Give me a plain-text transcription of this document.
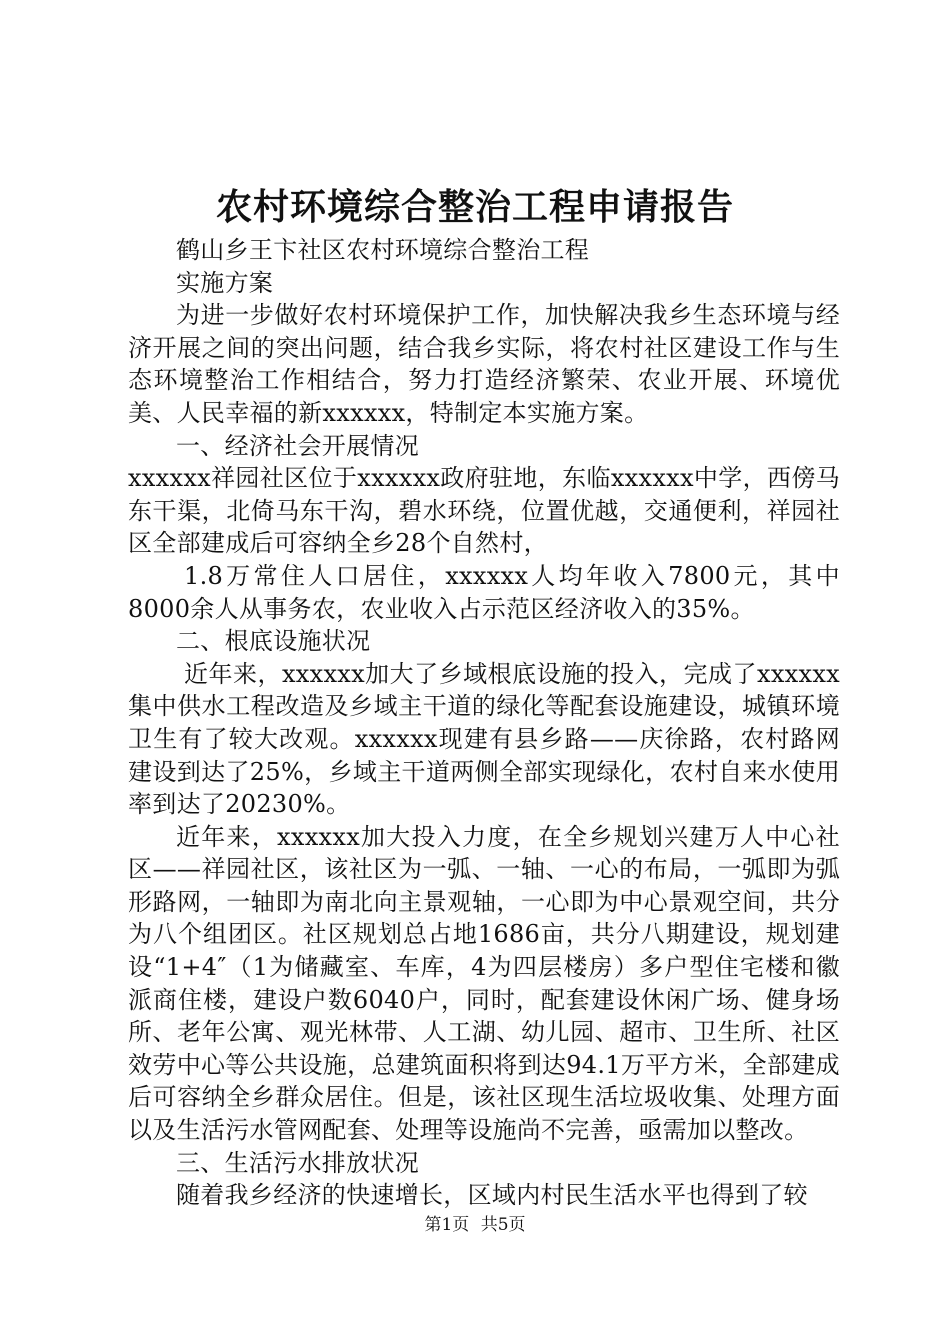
农村环境综合整治工程申请报告

鹤山乡王卞社区农村环境综合整治工程

实施方案

为进一步做好农村环境保护工作，加快解决我乡生态环境与经济开展之间的突出问题，结合我乡实际，将农村社区建设工作与生态环境整治工作相结合，努力打造经济繁荣、农业开展、环境优美、人民幸福的新xxxxxx，特制定本实施方案。

一、经济社会开展情况

xxxxxx祥园社区位于xxxxxx政府驻地，东临xxxxxx中学，西傍马东干渠，北倚马东干沟，碧水环绕，位置优越，交通便利，祥园社区全部建成后可容纳全乡28个自然村，

1.8万常住人口居住，xxxxxx人均年收入7800元，其中8000余人从事务农，农业收入占示范区经济收入的35%。

二、根底设施状况

近年来，xxxxxx加大了乡域根底设施的投入，完成了xxxxxx集中供水工程改造及乡域主干道的绿化等配套设施建设，城镇环境卫生有了较大改观。xxxxxx现建有县乡路——庆徐路，农村路网建设到达了25%，乡域主干道两侧全部实现绿化，农村自来水使用率到达了20230%。

近年来，xxxxxx加大投入力度，在全乡规划兴建万人中心社区——祥园社区，该社区为一弧、一轴、一心的布局，一弧即为弧形路网，一轴即为南北向主景观轴，一心即为中心景观空间，共分为八个组团区。社区规划总占地1686亩，共分八期建设，规划建设“1+4″（1为储藏室、车库，4为四层楼房）多户型住宅楼和徽派商住楼，建设户数6040户，同时，配套建设休闲广场、健身场所、老年公寓、观光林带、人工湖、幼儿园、超市、卫生所、社区效劳中心等公共设施，总建筑面积将到达94.1万平方米，全部建成后可容纳全乡群众居住。但是，该社区现生活垃圾收集、处理方面以及生活污水管网配套、处理等设施尚不完善，亟需加以整改。

三、生活污水排放状况

随着我乡经济的快速增长，区域内村民生活水平也得到了较

第1页 共5页
